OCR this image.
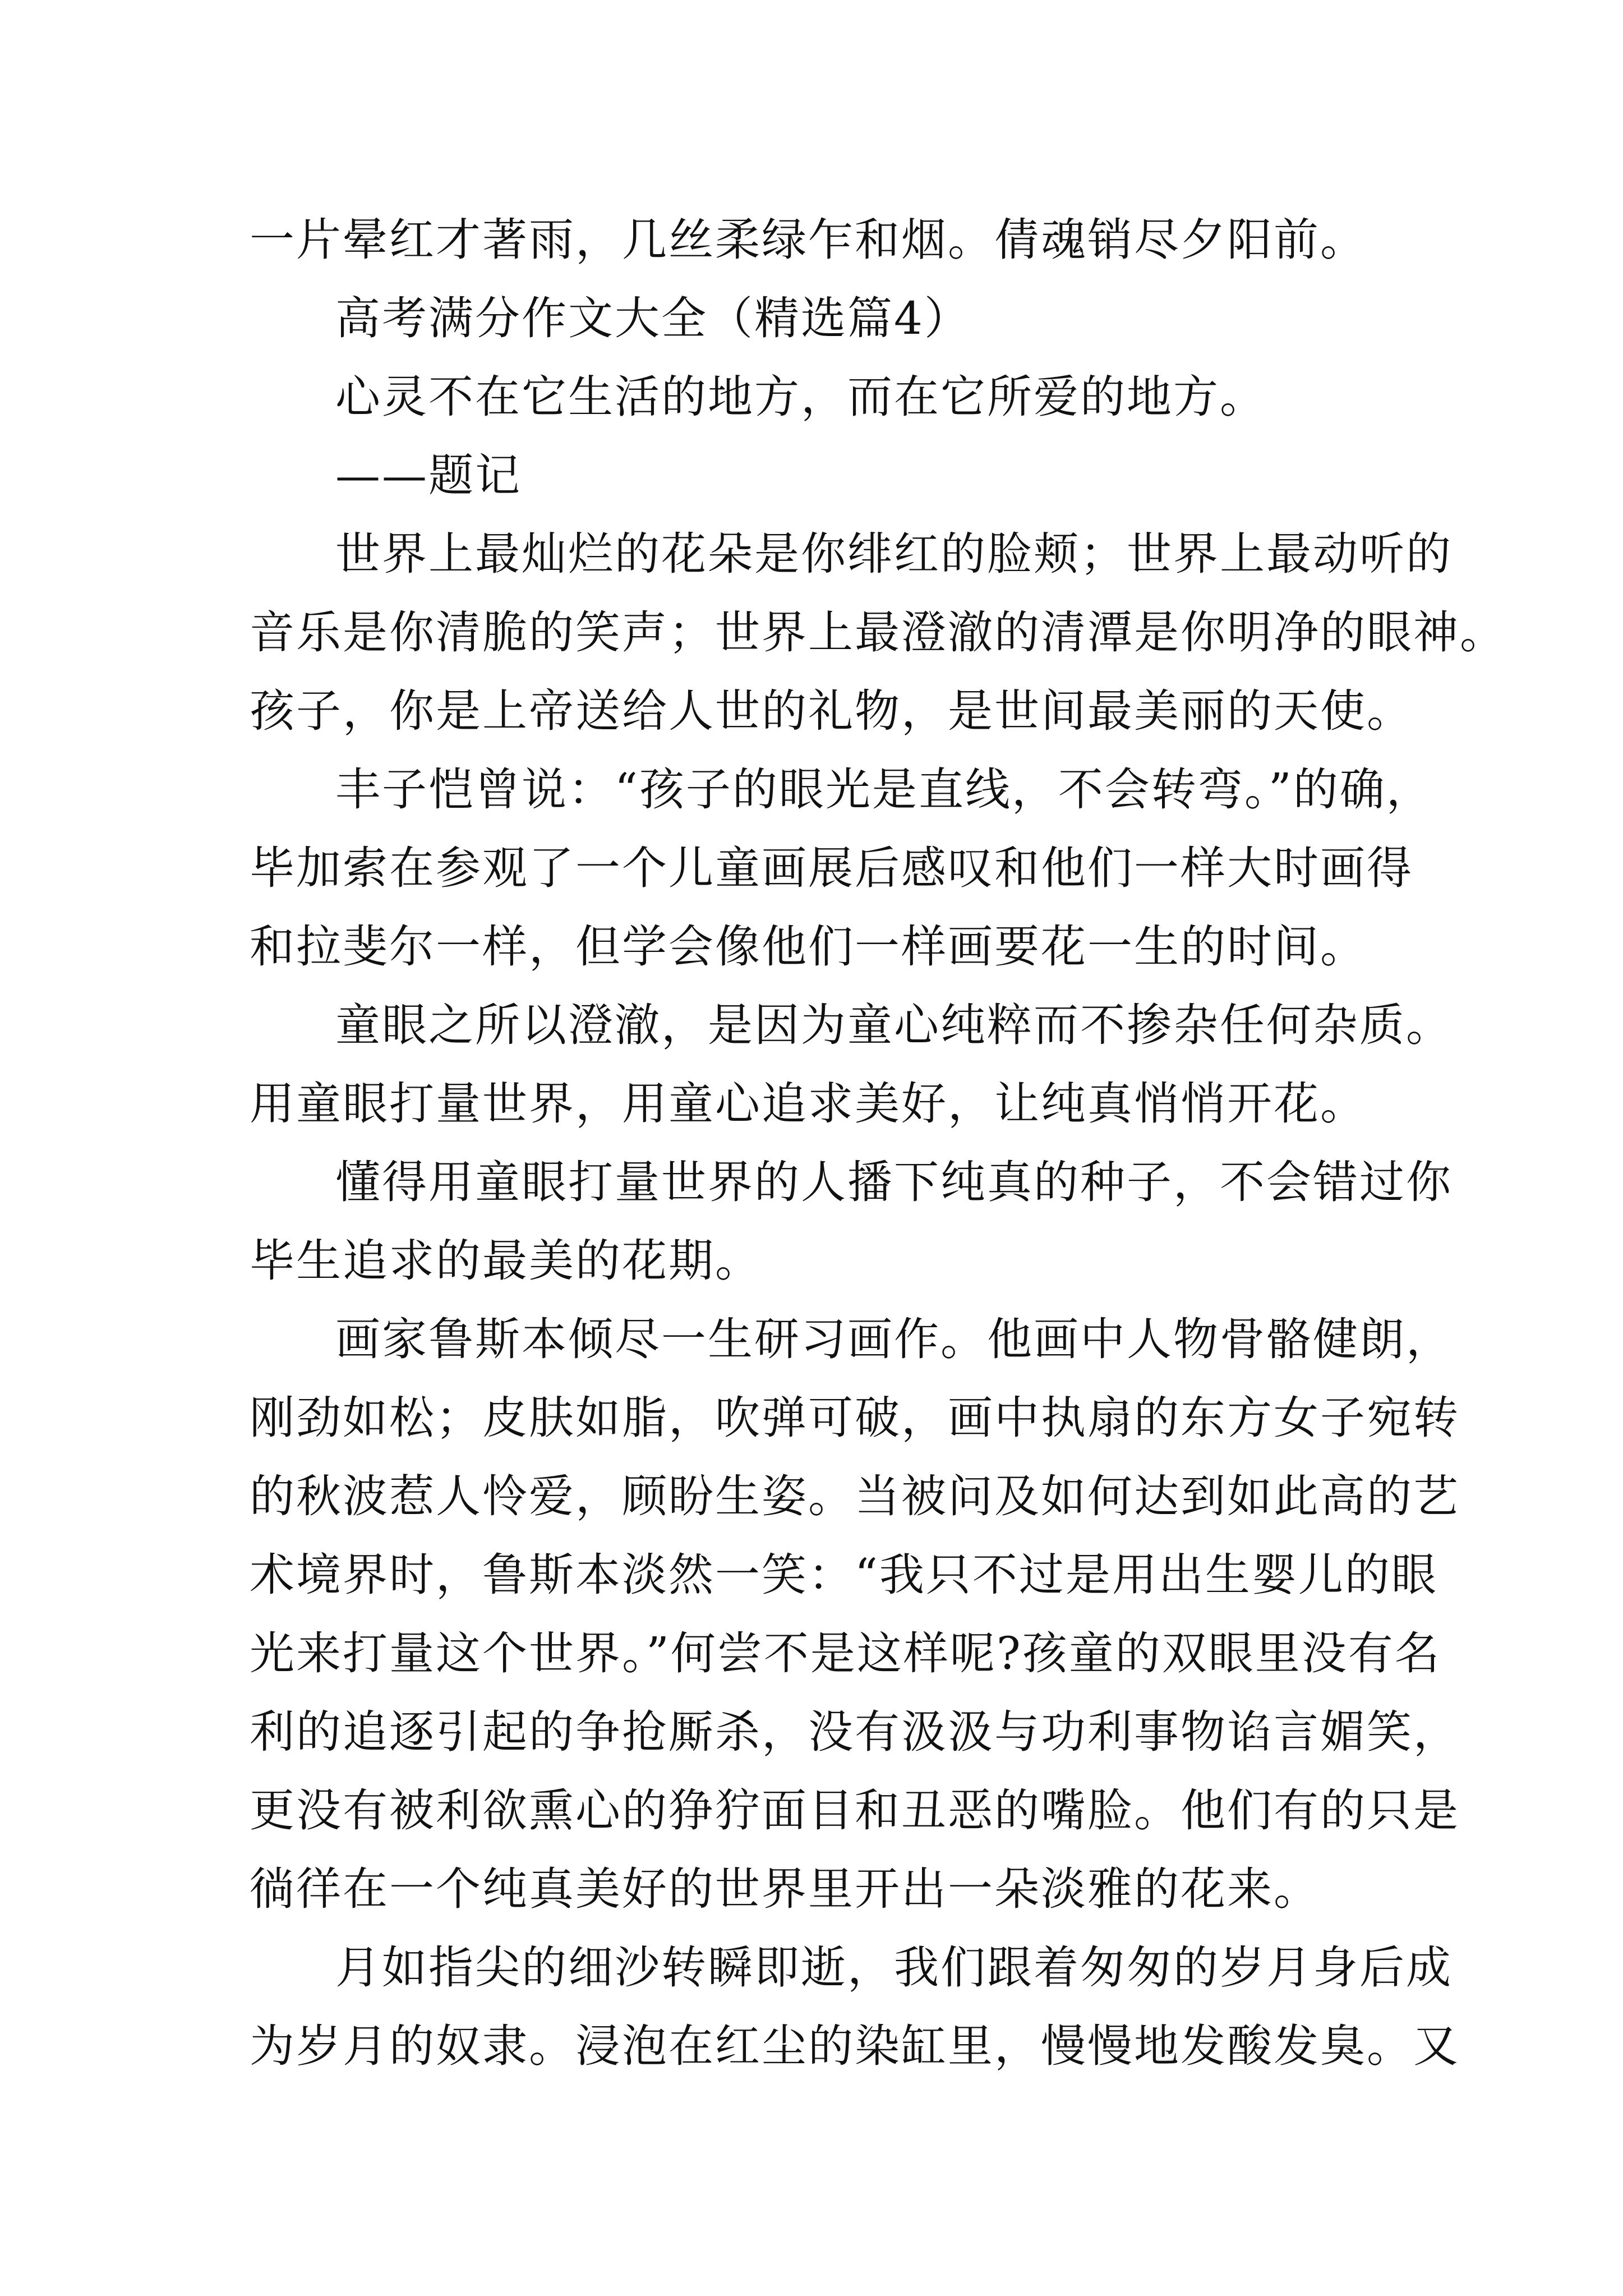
一片晕红才著雨，几丝柔绿乍和烟。倩魂销尽夕阳前。
高考满分作文大全（精选篇4）
心灵不在它生活的地方，而在它所爱的地方。
——题记
世界上最灿烂的花朵是你绯红的脸颊；世界上最动听的
音乐是你清脆的笑声；世界上最澄澈的清潭是你明净的眼神。
孩子，你是上帝送给人世的礼物，是世间最美丽的天使。
丰子恺曾说：“孩子的眼光是直线，不会转弯。”的确，
毕加索在参观了一个儿童画展后感叹和他们一样大时画得
和拉斐尔一样，但学会像他们一样画要花一生的时间。
童眼之所以澄澈，是因为童心纯粹而不掺杂任何杂质。
用童眼打量世界，用童心追求美好，让纯真悄悄开花。
懂得用童眼打量世界的人播下纯真的种子，不会错过你
毕生追求的最美的花期。
画家鲁斯本倾尽一生研习画作。他画中人物骨骼健朗，
刚劲如松；皮肤如脂，吹弹可破，画中执扇的东方女子宛转
的秋波惹人怜爱，顾盼生姿。当被问及如何达到如此高的艺
术境界时，鲁斯本淡然一笑：“我只不过是用出生婴儿的眼
光来打量这个世界。”何尝不是这样呢?孩童的双眼里没有名
利的追逐引起的争抢厮杀，没有汲汲与功利事物谄言媚笑，
更没有被利欲熏心的狰狞面目和丑恶的嘴脸。他们有的只是
徜徉在一个纯真美好的世界里开出一朵淡雅的花来。
月如指尖的细沙转瞬即逝，我们跟着匆匆的岁月身后成
为岁月的奴隶。浸泡在红尘的染缸里，慢慢地发酸发臭。又
